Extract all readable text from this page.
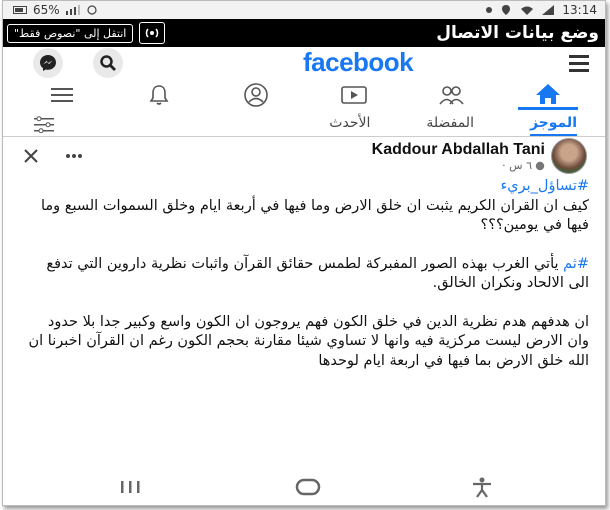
65%	13:14
انتقل إلى "نصوص فقط"	وضع بيانات الاتصال
facebook
الموجز
المفضلة
الأحدث
Kaddour Abdallah Tani
٦ س ·

#تساؤل_بريء
كيف ان القران الكريم يثبت ان خلق الارض وما فيها في أربعة ايام وخلق السموات السبع وما فيها في يومين؟؟؟

#ثم يأتي الغرب بهذه الصور المفبركة لطمس حقائق القرآن واثبات نظرية داروين التي تدفع الى الالحاد ونكران الخالق.

ان هدفهم هدم نظرية الدين في خلق الكون فهم يروجون ان الكون واسع وكبير جدا بلا حدود وان الارض ليست مركزية فيه وانها لا تساوي شيئا مقارنة بحجم الكون رغم ان القرآن اخبرنا ان الله خلق الارض بما فيها في اربعة ايام لوحدها
